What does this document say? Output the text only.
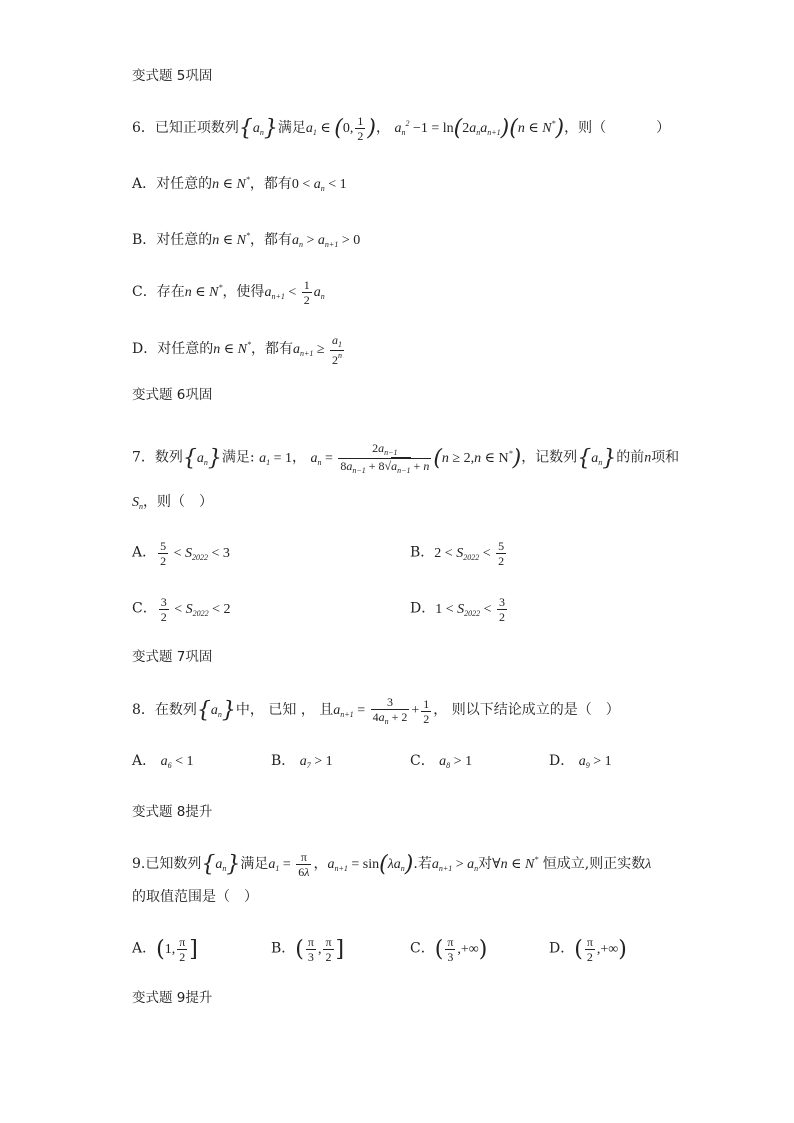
变式题 5巩固
6．已知正项数列$\{a_n\}$满足$a_1$ ∈ (0, $\frac{1}{2}$ )， $a_n^2 -1 = \ln(2a_na_{n+1})(n$ ∈ N*)，则（	）
A．对任意的n ∈ N*，都有$0 < a_n < 1$
B．对任意的n ∈ N*，都有$a_n > a_{n+1} > 0$
C．存在n ∈ N*，使得$a_{n+1} < \frac{1}{2} a_n$
D．对任意的n ∈ N*，都有$a_{n+1} \ge \frac{a_1}{2^n}$
变式题 6巩固
7．数列$\{a_n\}$满足: $a_1 = 1$， $a_n = \frac{2a_{n-1}}{8a_{n-1} + 8√a_{n-1} + n} (n \ge 2,n$ ∈ N*)，记数列$\{a_n\}$的前n项和
$S_n$，则（ ）
A． $\frac{5}{2} < S_{2022} < 3$	B．$2 < S_{2022} < \frac{5}{2}$
C． $\frac{3}{2} < S_{2022} < 2$	D．$1 < S_{2022} < \frac{3}{2}$
变式题 7巩固
8．在数列$\{a_n\}$中， 已知 ， 且$a_{n+1} = \frac{3}{4a_n + 2} + \frac{1}{2}$ ， 则以下结论成立的是（ ）
A． $a_6 < 1$	B． $a_7 > 1$	C． $a_8 > 1$	D． $a_9 > 1$
变式题 8提升
9.已知数列$\{a_n\}$满足$a_1 = \frac{\pi}{6\lambda}$ ，$a_{n+1} = \sin(\lambda a_n)$.若$a_{n+1} > a_n$对∀n ∈ N* 恒成立,则正实数λ
的取值范围是（ ）
A．(1, $\frac{\pi}{2}$ ]	B．( $\frac{\pi}{3}$ , $\frac{\pi}{2}$ ]	C．( $\frac{\pi}{3}$ ,+∞)	D．( $\frac{\pi}{2}$ ,+∞)
变式题 9提升
